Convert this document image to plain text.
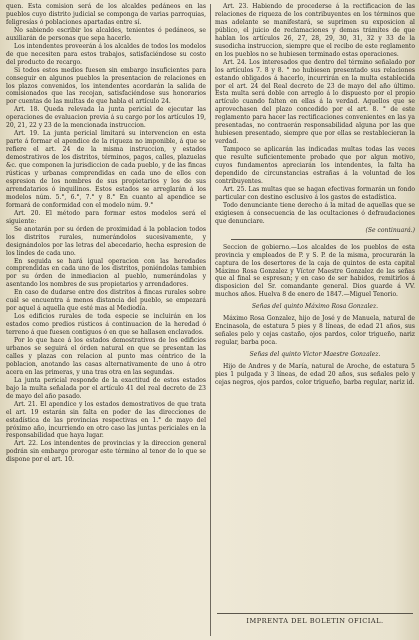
quen. Esta comision será de los alcaldes pedáneos en las pueblos cuyo distrito judicial se componga de varias parroquias, feligresías ó poblaciones apartadas entre sí.

No sabiendo escribir los alcaldes, tenientes ó pedáneos, se auxiliarán de personas que sepa hacerlo.

Los intendentes proveerán á los alcaldes de todos los modelos de que necesiten para estos trabajos, satisfaciéndose su costo del producto de recargo.

Si todos estos medios fuesen sin embargo insuficientes para conseguir en algunos pueblos la presentacion de relaciones en los plazos convenidos, los intendentes acordarán la salida de comisionados que las recojan, satisfaciéndose sus honorarios por cuentas de las multas de que habla el artículo 24.

Art. 18. Queda relevada la junta pericial de ejecutar las operaciones de evaluacion previa á su cargo por los artículos 19, 20, 21, 22 y 23 de la mencionada instruccion.

Art. 19. La junta pericial limitará su intervencion en esta parte á formar el apendice de la riqueza no imponible, á que se refiere el art. 24 de la misma instruccion, y estados demostrativos de los distritos, términos, pagos, calles, plazuelas &c. que componen la jurisdiccion de cada pueblo, y de las fincas rústicas y urbanas comprendidas en cada uno de ellos con espresion de los nombres de sus propietarios y los de sus arrendatarios ó inquilinos. Estos estados se arreglarán á los modelos núm. 5.°, 6.°, 7.° y 8.° En cuanto al apendice se formará de conformidad con el modelo núm. 9.°

Art. 20. El método para formar estos modelos será el siguiente:

Se anotarán por su órden de proximidad á la poblacion todos los distritos rurales, numerándolos sucesivamente, y designándolos por las letras del abecedario, hecha espresion de los lindes de cada uno.

En seguida se hará igual operacion con las heredades comprendidas en cada uno de los distritos, poniéndolas tambien por su órden de inmediacion al pueblo, numerándolas y asentando los nombres de sus propietarios y arrendadores.

En caso de dudarse entre dos distritos á fincas rurales sobre cuál se encuentra á menos distancia del pueblo, se empezará por aquel á aquella que esté mas al Mediodía.

Los edificios rurales de toda especie se incluirán en los estados como predios rústicos á continuacion de la heredad ó terreno á que fuesen contiguos ó en que se hallasen enclavados.

Por lo que hace á los estados demostrativos de los edificios urbanos se seguirá el órden natural en que se presentan las calles y plazas con relacion al punto mas céntrico de la poblacion, anotando las casas alternativamente de uno á otro acera en las primeras, y una tras otra en las segundas.

La junta pericial responde de la exactitud de estos estados bajo la multa señalada por el artículo 41 del real decreto de 23 de mayo del año pasado.

Art. 21. El apendice y los estados demostrativos de que trata el art. 19 estarán sin falta en poder de las direcciones de estadística de las provincias respectivas en 1.° de mayo del próximo año, incurriendo en otro caso las juntas periciales en la responsabilidad que haya lugar.

Art. 22. Los intendentes de provincias y la direccion general podrán sin embargo prorogar este término al tenor de lo que se dispone por el art. 10.

Art. 23. Habiendo de procederse á la rectificacion de las relaciones de riqueza de los contribuyentes en los términos que mas adelante se manifestará, se suprimen su exposicion al público, el juicio de reclamaciones y demas trámites de que hablan los artículos 26, 27, 28, 29, 30, 31, 32 y 33 de la susodicha instruccion, siempre que el recibo de este reglamento en los pueblos no se hubiesen terminado estas operaciones.

Art. 24. Los interesados que dentro del término señalado por los artículos 7. 8 y 8. ° no hubiesen presentado sus relaciones estando obligados á hacerlo, incurrirán en la multa establecida por el art. 24 del Real decreto de 23 de mayo del año último. Esta multa será doble con arreglo á lo dispuesto por el propio artículo cuando falten en ellas á la verdad. Aquellos que se aprovechasen del plazo concedido por el art. 8. ° de este reglamento para hacer las rectificaciones convenientes en las ya presentadas, no contraerán responsabilidad alguna por las que hubiesen presentado, siempre que por ellas se restablecieran la verdad.

Tampoco se aplicarán las indicadas multas todas las veces que resulte suficientemente probado que por algun motivo, cuyos fundamentos apreciarán los intendentes, la falta ha dependido de circunstancias estrañas á la voluntad de los contribuyentes.

Art. 25. Las multas que se hagan efectivas formarán un fondo particular con destino esclusivo á los gastos de estadística.

Todo denunciante tiene derecho á la mitad de aquellas que se exigiesen á consecuencia de las ocultaciones ó defraudaciones que denunciare.

(Se continuará.)

Seccion de gobierno.—Los alcaldes de los pueblos de esta provincia y empleados de P. y S. P. de la misma, procurarán la captura de los desertores de la caja de quintos de esta capital Máximo Rosa Gonzalez y Víctor Maestre Gonzalez de las señas que al final se espresan; y en caso de ser habidos, remitirlos á disposicion del Sr. comandante general. Dios guarde á VV. muchos años. Huelva 8 de enero de 1847.—Miguel Tenorio.

Señas del quinto Máximo Rosa Gonzalez.

Máximo Rosa Gonzalez, hijo de José y de Manuela, natural de Encinasola, de estatura 5 pies y 8 líneas, de edad 21 años, sus señales pelo y cejas castaño, ojos pardos, color trigueño, nariz regular, barba poca.

Señas del quinto Victor Maestre Gonzalez.

Hijo de Andres y de María, natural de Aroche, de estatura 5 pies 1 pulgada y 3 líneas, de edad 20 años, sus señales pelo y cejas negros, ojos pardos, color trigueño, barba regular, nariz id.

IMPRENTA DEL BOLETIN OFICIAL.
